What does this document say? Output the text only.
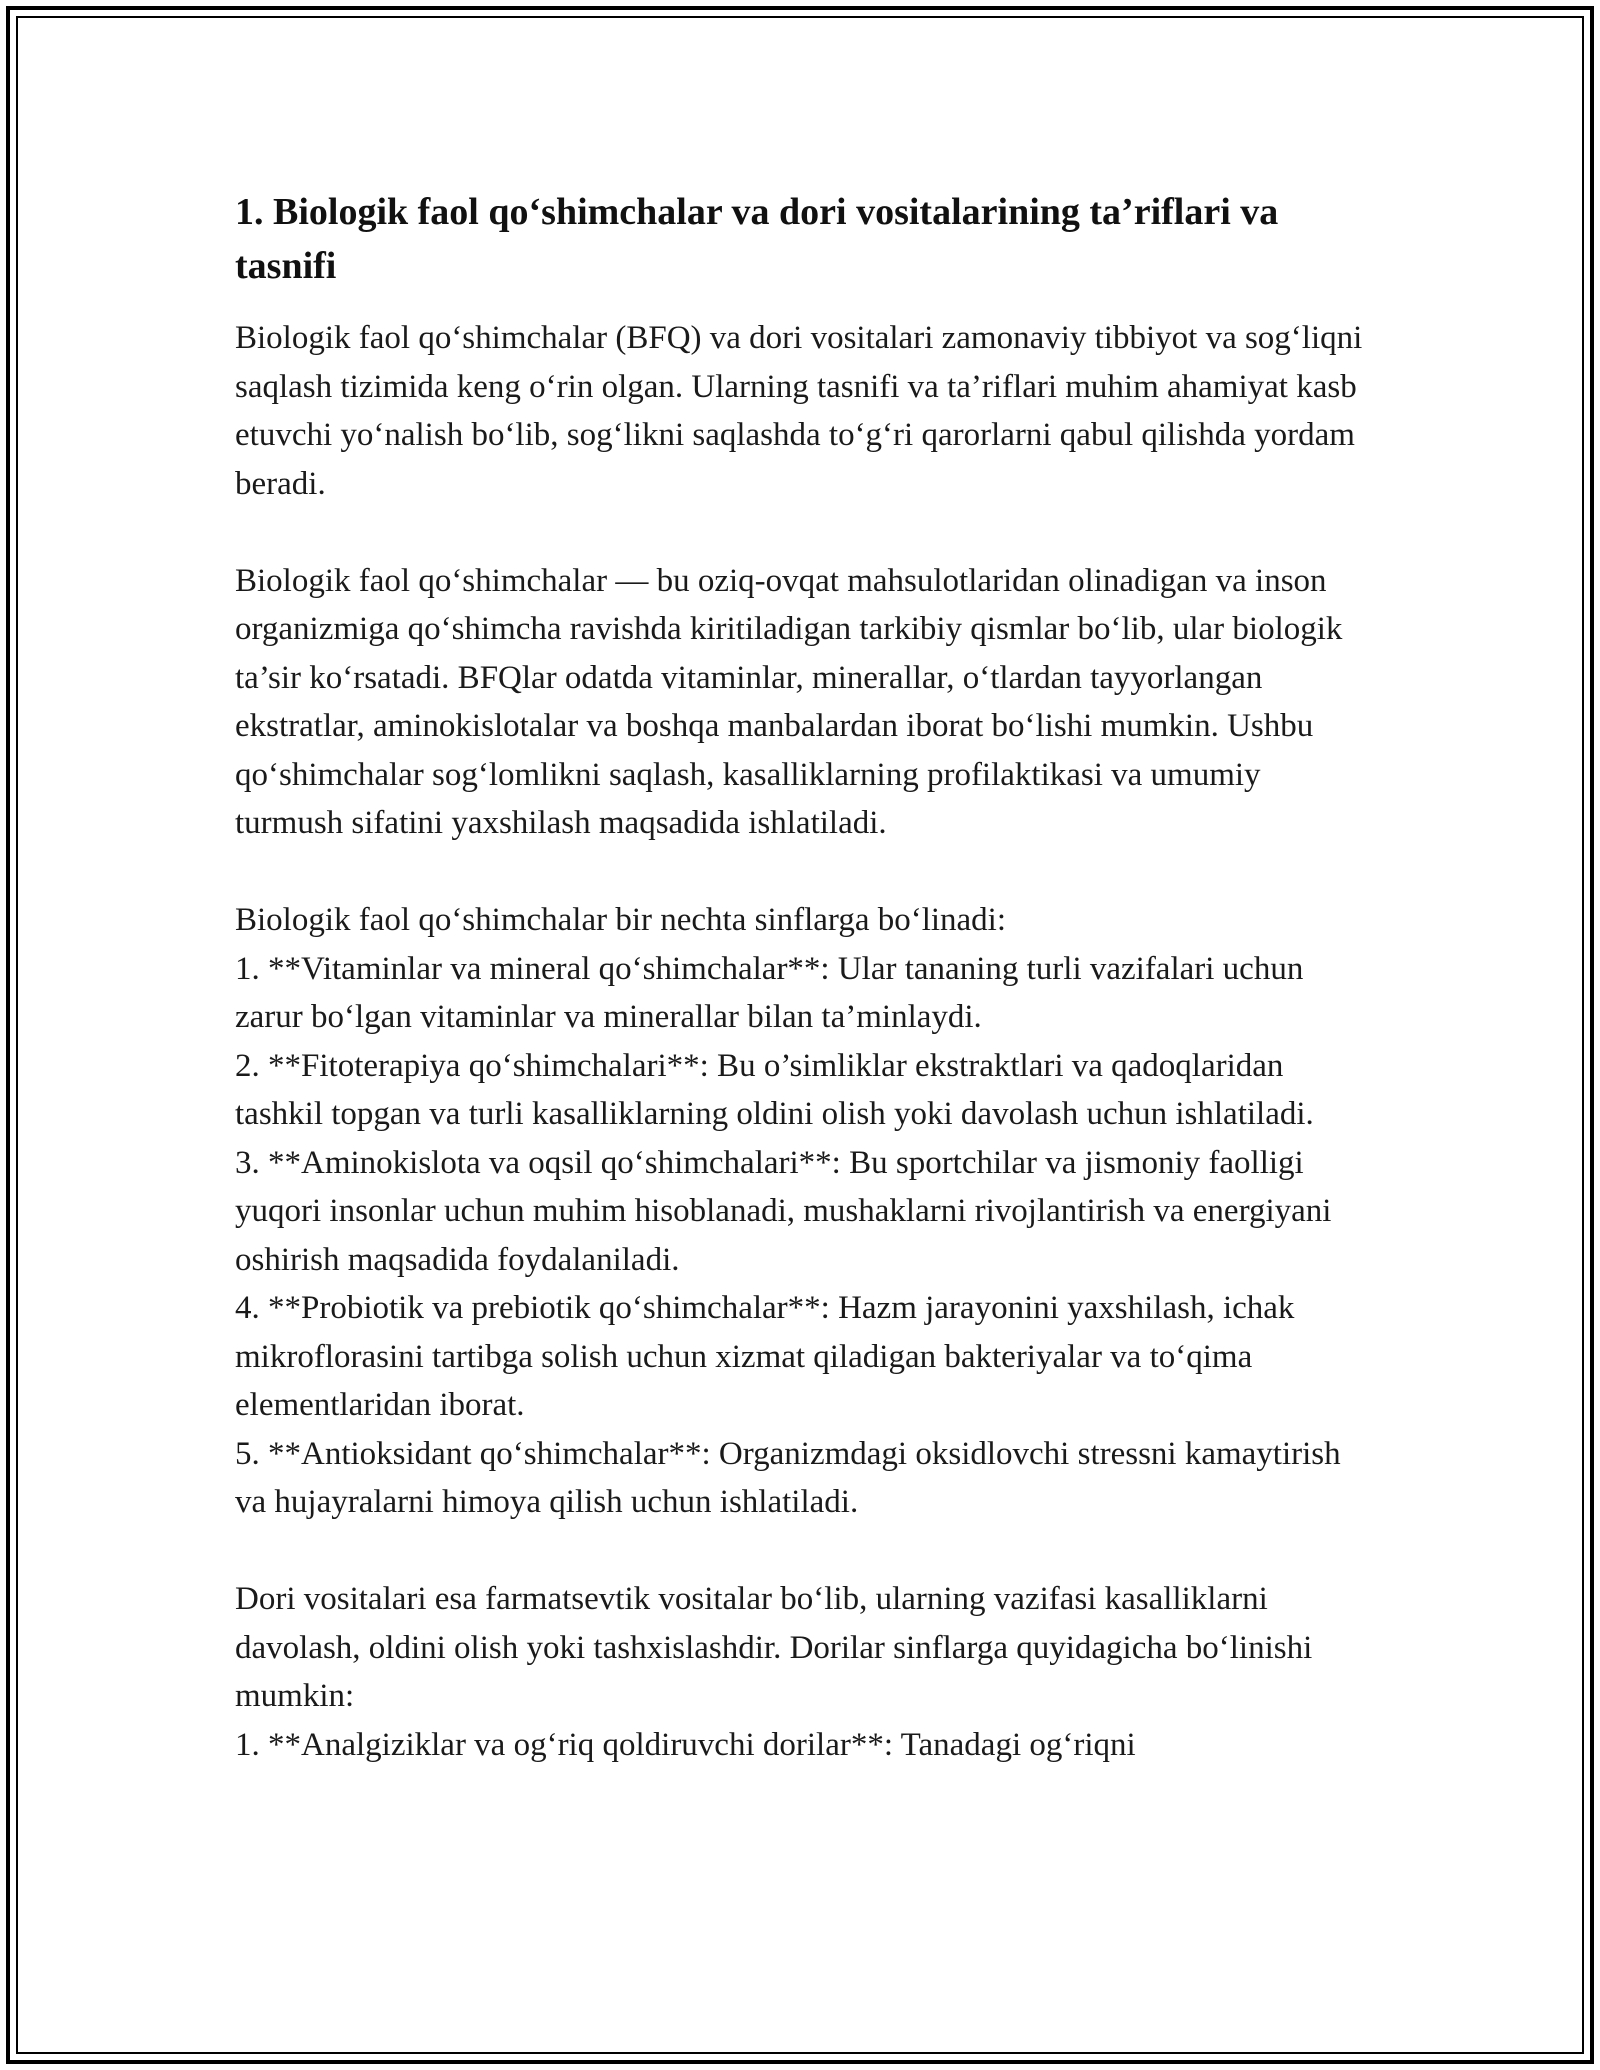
1. Biologik faol qo‘shimchalar va dori vositalarining ta’riflari va tasnifi
Biologik faol qo‘shimchalar (BFQ) va dori vositalari zamonaviy tibbiyot va sog‘liqni saqlash tizimida keng o‘rin olgan. Ularning tasnifi va ta’riflari muhim ahamiyat kasb etuvchi yo‘nalish bo‘lib, sog‘likni saqlashda to‘g‘ri qarorlarni qabul qilishda yordam beradi.
Biologik faol qo‘shimchalar — bu oziq-ovqat mahsulotlaridan olinadigan va inson organizmiga qo‘shimcha ravishda kiritiladigan tarkibiy qismlar bo‘lib, ular biologik ta’sir ko‘rsatadi. BFQlar odatda vitaminlar, minerallar, o‘tlardan tayyorlangan ekstratlar, aminokislotalar va boshqa manbalardan iborat bo‘lishi mumkin. Ushbu qo‘shimchalar sog‘lomlikni saqlash, kasalliklarning profilaktikasi va umumiy turmush sifatini yaxshilash maqsadida ishlatiladi.
Biologik faol qo‘shimchalar bir nechta sinflarga bo‘linadi:
1. **Vitaminlar va mineral qo‘shimchalar**: Ular tananing turli vazifalari uchun zarur bo‘lgan vitaminlar va minerallar bilan ta’minlaydi.
2. **Fitoterapiya qo‘shimchalari**: Bu o’simliklar ekstraktlari va qadoqlaridan tashkil topgan va turli kasalliklarning oldini olish yoki davolash uchun ishlatiladi.
3. **Aminokislota va oqsil qo‘shimchalari**: Bu sportchilar va jismoniy faolligi yuqori insonlar uchun muhim hisoblanadi, mushaklarni rivojlantirish va energiyani oshirish maqsadida foydalaniladi.
4. **Probiotik va prebiotik qo‘shimchalar**: Hazm jarayonini yaxshilash, ichak mikroflorasini tartibga solish uchun xizmat qiladigan bakteriyalar va to‘qima elementlaridan iborat.
5. **Antioksidant qo‘shimchalar**: Organizmdagi oksidlovchi stressni kamaytirish va hujayralarni himoya qilish uchun ishlatiladi.
Dori vositalari esa farmatsevtik vositalar bo‘lib, ularning vazifasi kasalliklarni davolash, oldini olish yoki tashxislashdir. Dorilar sinflarga quyidagicha bo‘linishi mumkin:
1. **Analgiziklar va og‘riq qoldiruvchi dorilar**: Tanadagi og‘riqni
